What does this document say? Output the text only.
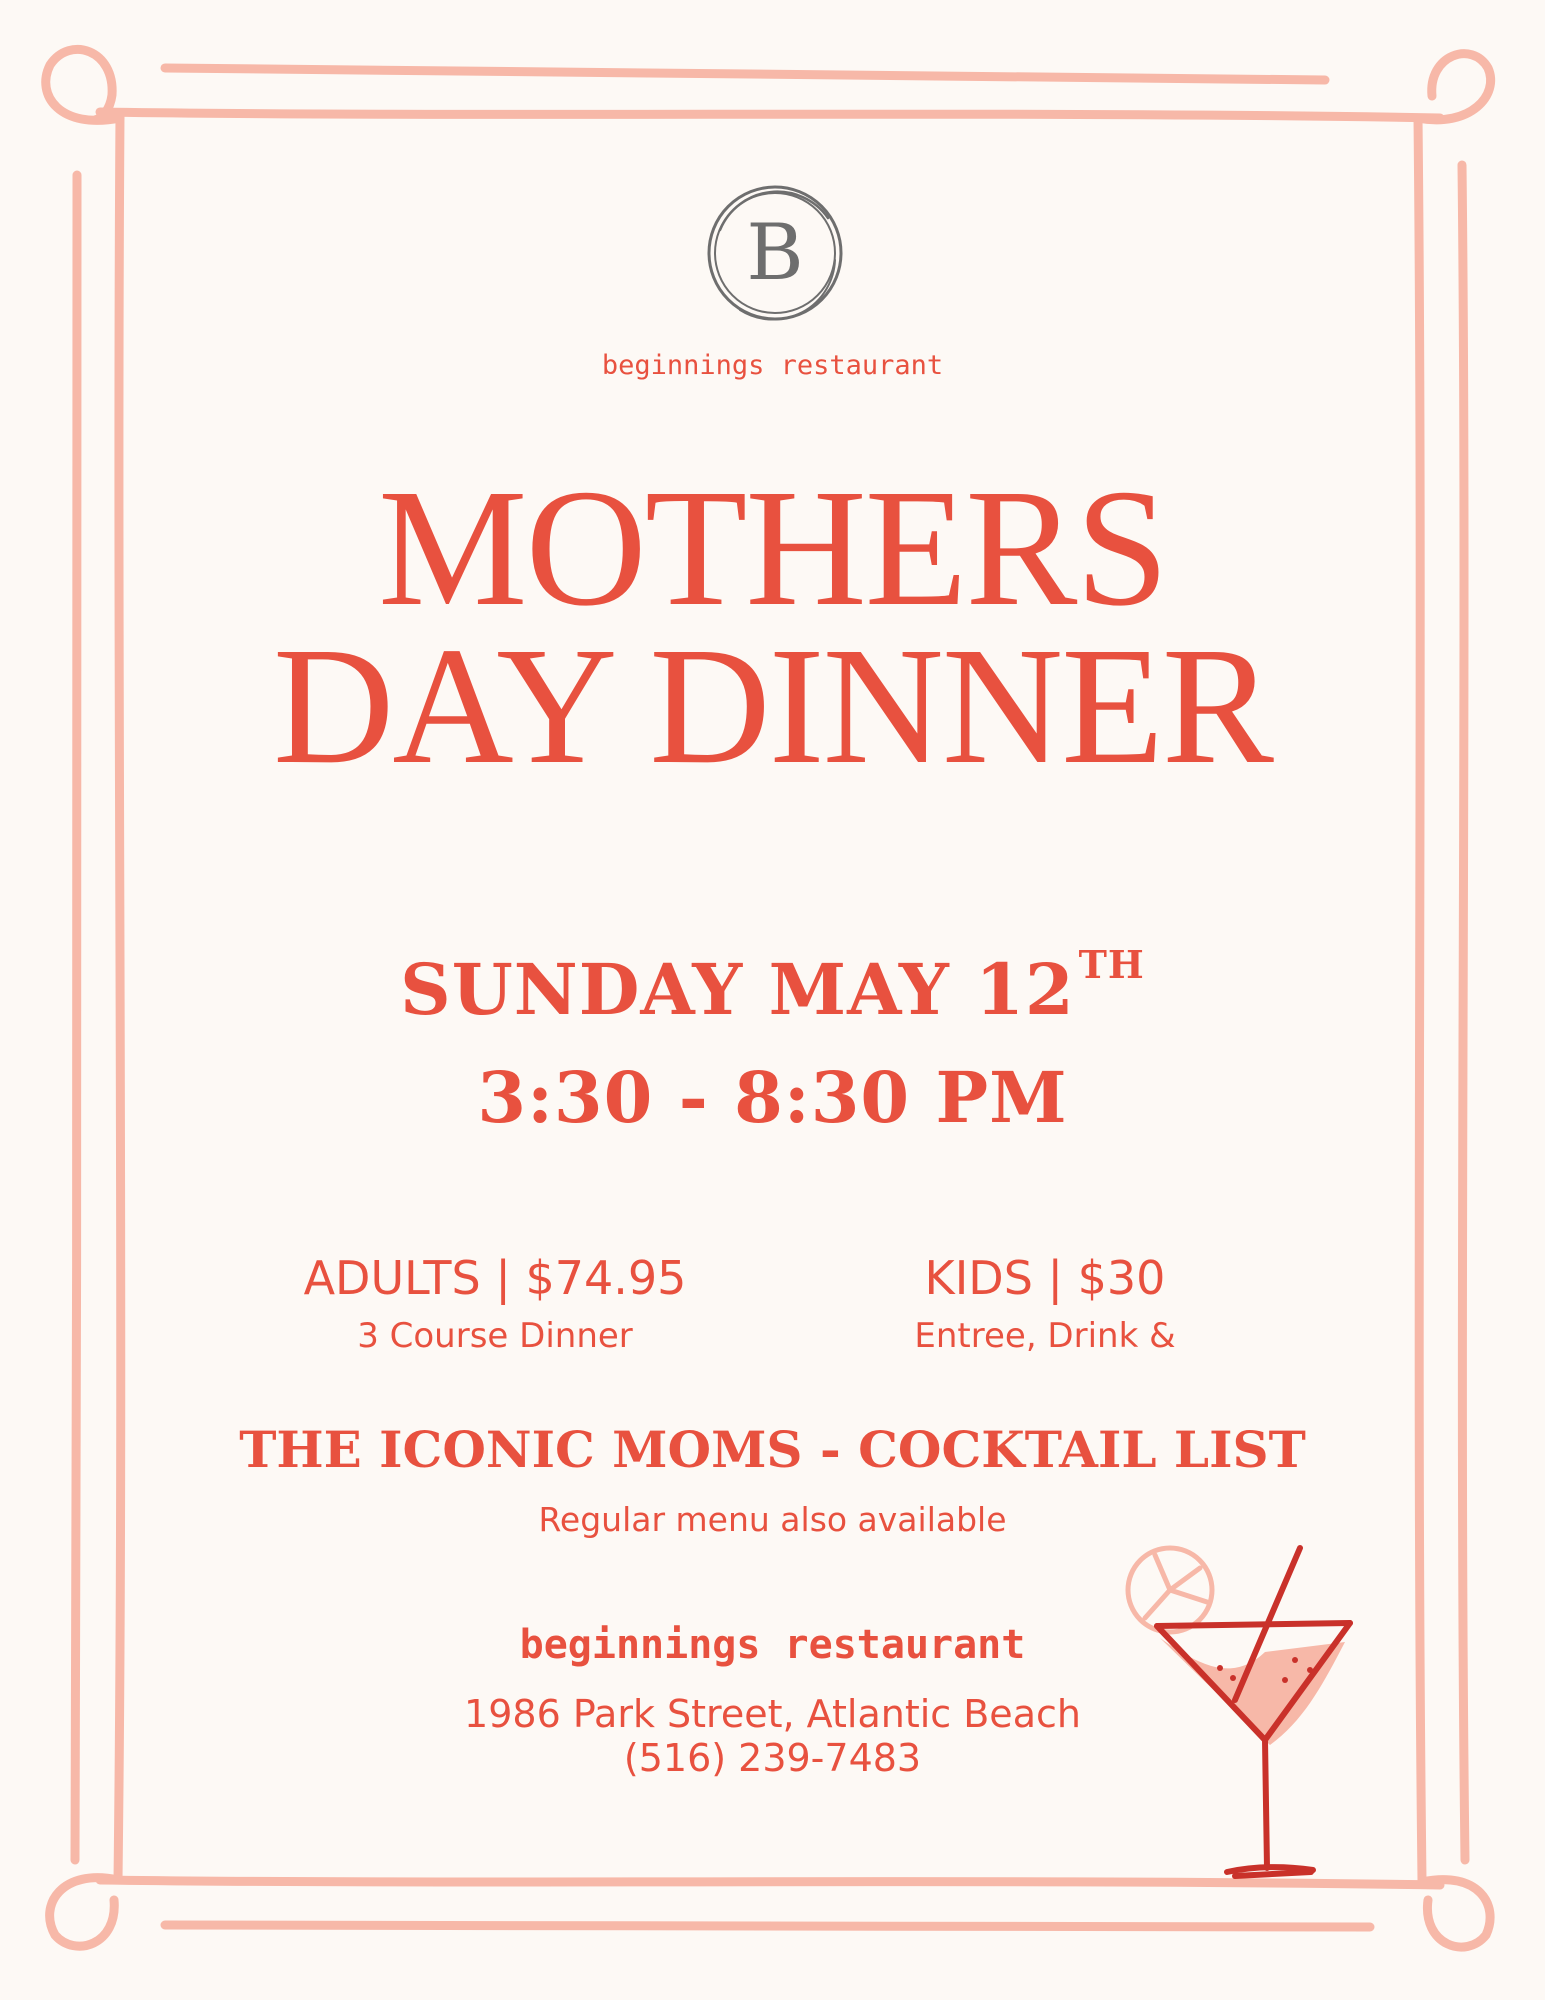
B
beginnings restaurant
MOTHERS
DAY DINNER
SUNDAY MAY 12 $^{TH}$
3:30 - 8:30 PM
ADULTS | $74.95
3 Course Dinner
KIDS | $30
Entree, Drink &
THE ICONIC MOMS - COCKTAIL LIST
Regular menu also available
beginnings restaurant
1986 Park Street, Atlantic Beach
(516) 239-7483
